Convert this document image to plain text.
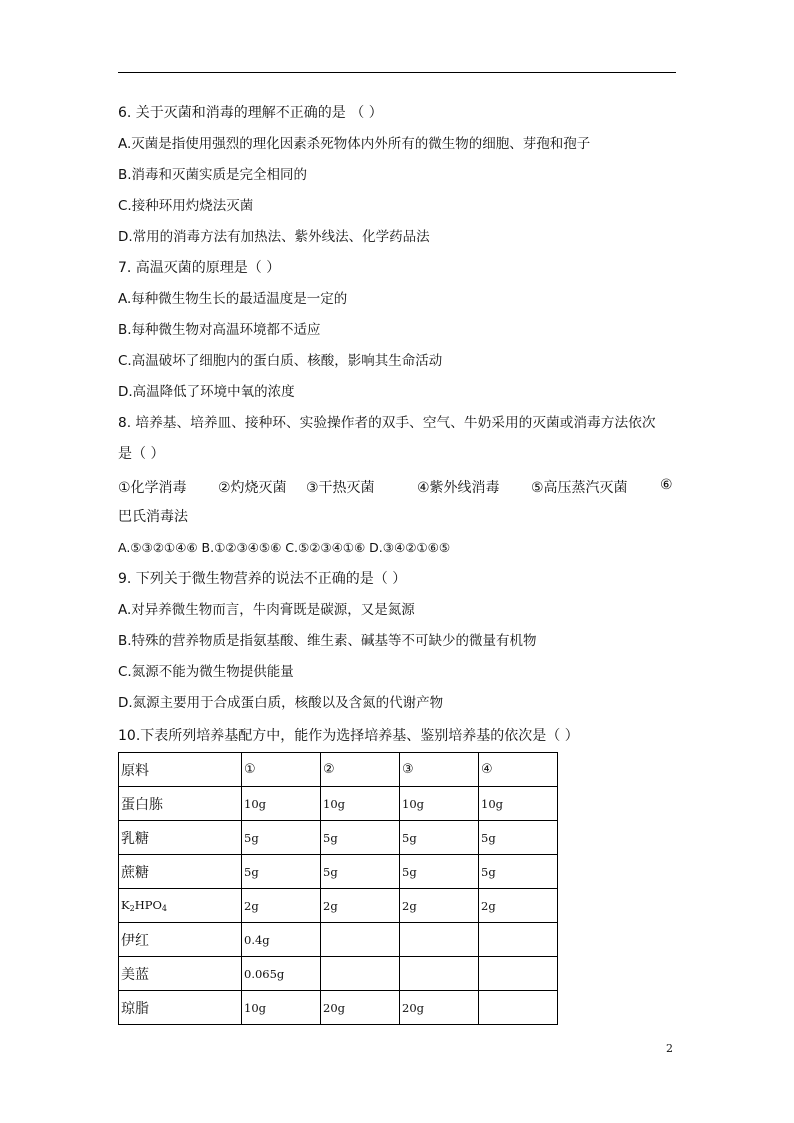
6. 关于灭菌和消毒的理解不正确的是 （ ）
A.灭菌是指使用强烈的理化因素杀死物体内外所有的微生物的细胞、芽孢和孢子
B.消毒和灭菌实质是完全相同的
C.接种环用灼烧法灭菌
D.常用的消毒方法有加热法、紫外线法、化学药品法
7. 高温灭菌的原理是（ ）
A.每种微生物生长的最适温度是一定的
B.每种微生物对高温环境都不适应
C.高温破坏了细胞内的蛋白质、核酸，影响其生命活动
D.高温降低了环境中氧的浓度
8. 培养基、培养皿、接种环、实验操作者的双手、空气、牛奶采用的灭菌或消毒方法依次
是（ ）
①化学消毒 ②灼烧灭菌 ③干热灭菌	④紫外线消毒 ⑤高压蒸汽灭菌 ⑥
巴氏消毒法
A.⑤③②①④⑥ B.①②③④⑤⑥ C.⑤②③④①⑥ D.③④②①⑥⑤
9. 下列关于微生物营养的说法不正确的是（ ）
A.对异养微生物而言，牛肉膏既是碳源，又是氮源
B.特殊的营养物质是指氨基酸、维生素、碱基等不可缺少的微量有机物
C.氮源不能为微生物提供能量
D.氮源主要用于合成蛋白质，核酸以及含氮的代谢产物
10.下表所列培养基配方中，能作为选择培养基、鉴别培养基的依次是（ ）
原料	①	②	③	④
蛋白胨	10g	10g	10g	10g
乳糖	5g	5g	5g	5g
蔗糖	5g	5g	5g	5g
$K_2HPO_4$	2g	2g	2g	2g
伊红	0.4g			
美蓝	0.065g			
琼脂	10g	20g	20g	
2
